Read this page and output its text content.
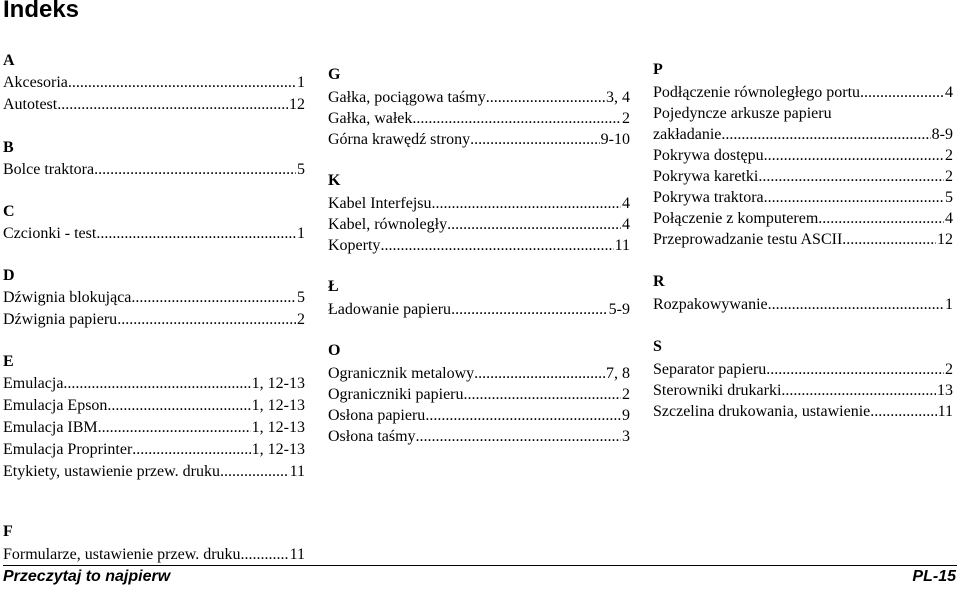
Indeks
A
Akcesoria .....	1
Autotest .....	12
B
Bolce traktora .....	5
C
Czcionki - test .....	1
D
Dźwignia blokująca .....	5
Dźwignia papieru .....	2
E
Emulacja .....	1, 12-13
Emulacja Epson .....	1, 12-13
Emulacja IBM .....	1, 12-13
Emulacja Proprinter .....	1, 12-13
Etykiety, ustawienie przew. druku .....	11
G
Gałka, pociągowa taśmy .....	3, 4
Gałka, wałek .....	2
Górna krawędź strony .....	9-10
K
Kabel Interfejsu .....	4
Kabel, równoległy .....	4
Koperty .....	11
Ł
Ładowanie papieru .....	5-9
O
Ogranicznik metalowy .....	7, 8
Ograniczniki papieru .....	2
Osłona papieru .....	9
Osłona taśmy .....	3
P
Podłączenie równoległego portu .....	4
Pojedyncze arkusze papieru
zakładanie .....	8-9
Pokrywa dostępu .....	2
Pokrywa karetki .....	2
Pokrywa traktora .....	5
Połączenie z komputerem .....	4
Przeprowadzanie testu ASCII .....	12
R
Rozpakowywanie .....	1
S
Separator papieru .....	2
Sterowniki drukarki .....	13
Szczelina drukowania, ustawienie .....	11
F
Formularze, ustawienie przew. druku .....	11

Przeczytaj to najpierw	PL-15
